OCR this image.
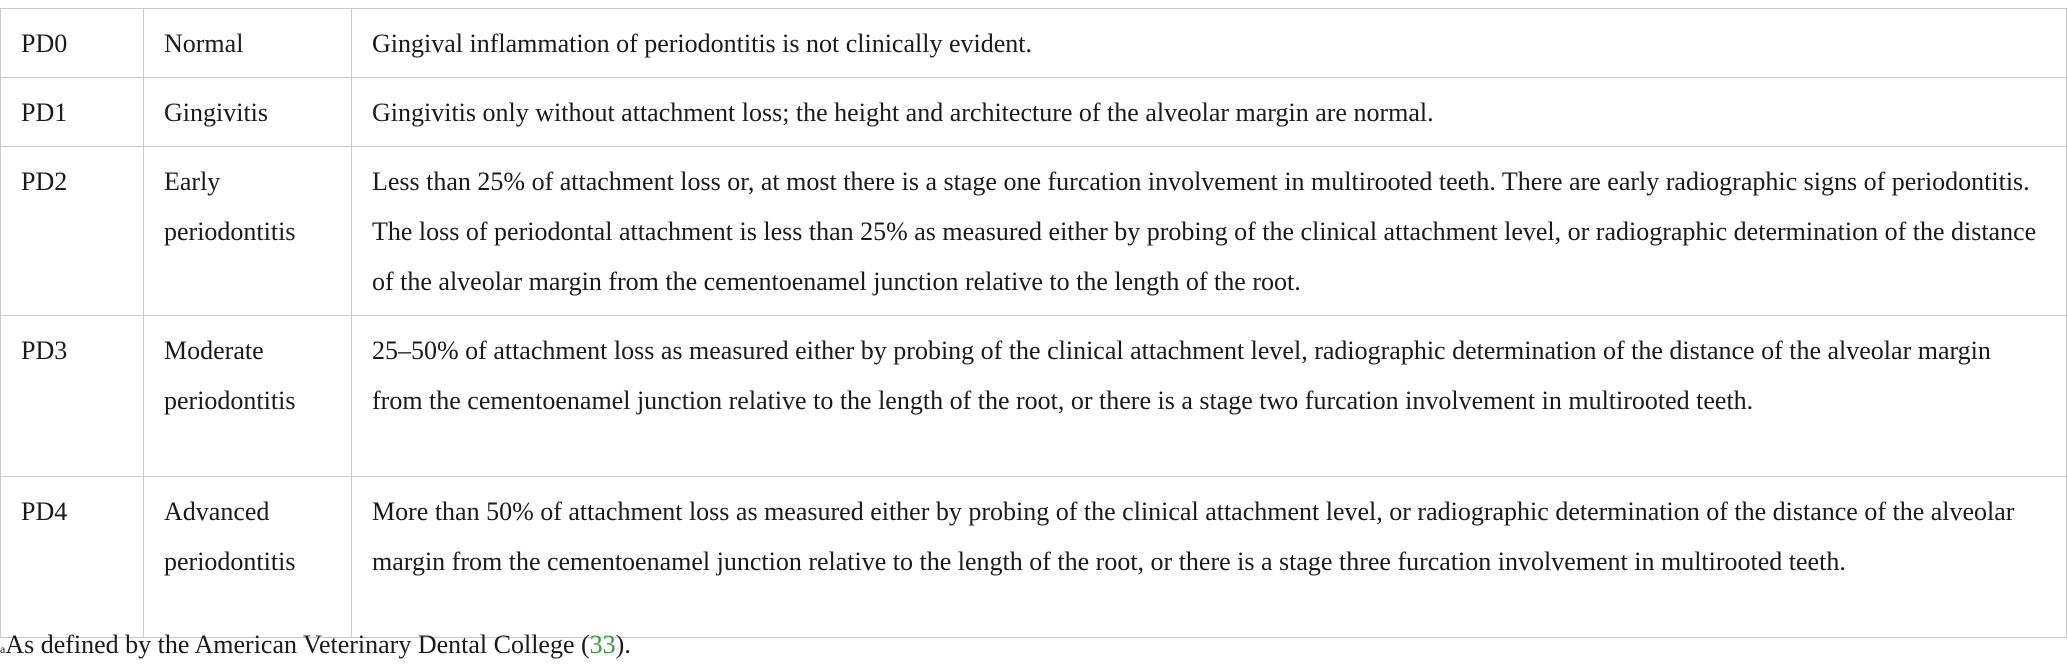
PD0	Normal	Gingival inflammation of periodontitis is not clinically evident.
PD1	Gingivitis	Gingivitis only without attachment loss; the height and architecture of the alveolar margin are normal.
PD2	Early periodontitis	Less than 25% of attachment loss or, at most there is a stage one furcation involvement in multirooted teeth. There are early radiographic signs of periodontitis. The loss of periodontal attachment is less than 25% as measured either by probing of the clinical attachment level, or radiographic determination of the distance of the alveolar margin from the cementoenamel junction relative to the length of the root.
PD3	Moderate periodontitis	25–50% of attachment loss as measured either by probing of the clinical attachment level, radiographic determination of the distance of the alveolar margin from the cementoenamel junction relative to the length of the root, or there is a stage two furcation involvement in multirooted teeth.
PD4	Advanced periodontitis	More than 50% of attachment loss as measured either by probing of the clinical attachment level, or radiographic determination of the distance of the alveolar margin from the cementoenamel junction relative to the length of the root, or there is a stage three furcation involvement in multirooted teeth.
$^a$As defined by the American Veterinary Dental College (33).
